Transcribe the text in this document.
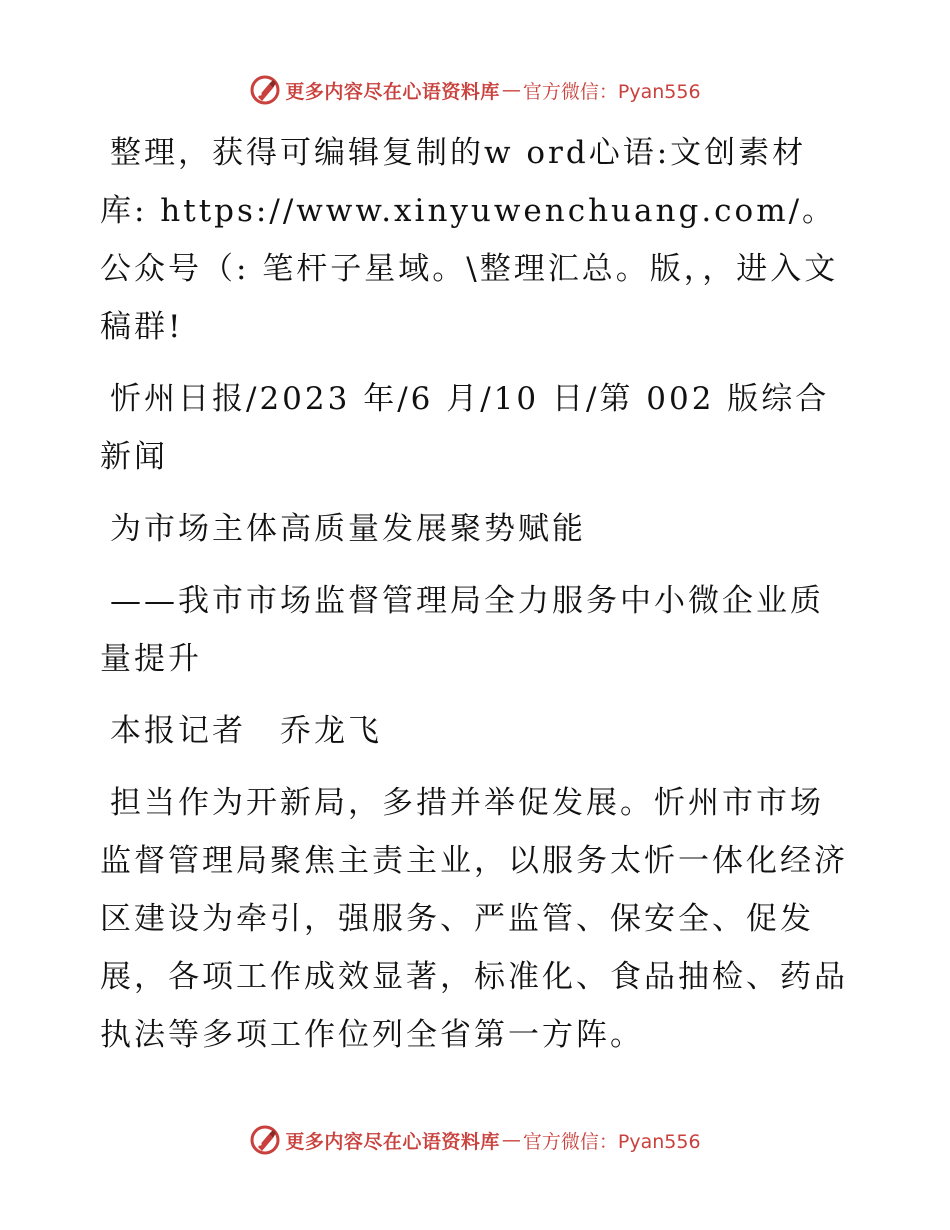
更多内容尽在心语资料库 — 官方微信：Pyan556

整理，获得可编辑复制的w ord心语:文创素材库: https://www.xinyuwenchuang.com/。公众号（: 笔杆子星域。\整理汇总。版，，进入文稿群!

忻州日报/2023 年/6 月/10 日/第 002 版综合新闻

为市场主体高质量发展聚势赋能

——我市市场监督管理局全力服务中小微企业质量提升

本报记者　乔龙飞

担当作为开新局，多措并举促发展。忻州市市场监督管理局聚焦主责主业，以服务太忻一体化经济区建设为牵引，强服务、严监管、保安全、促发展，各项工作成效显著，标准化、食品抽检、药品执法等多项工作位列全省第一方阵。

更多内容尽在心语资料库 — 官方微信：Pyan556
